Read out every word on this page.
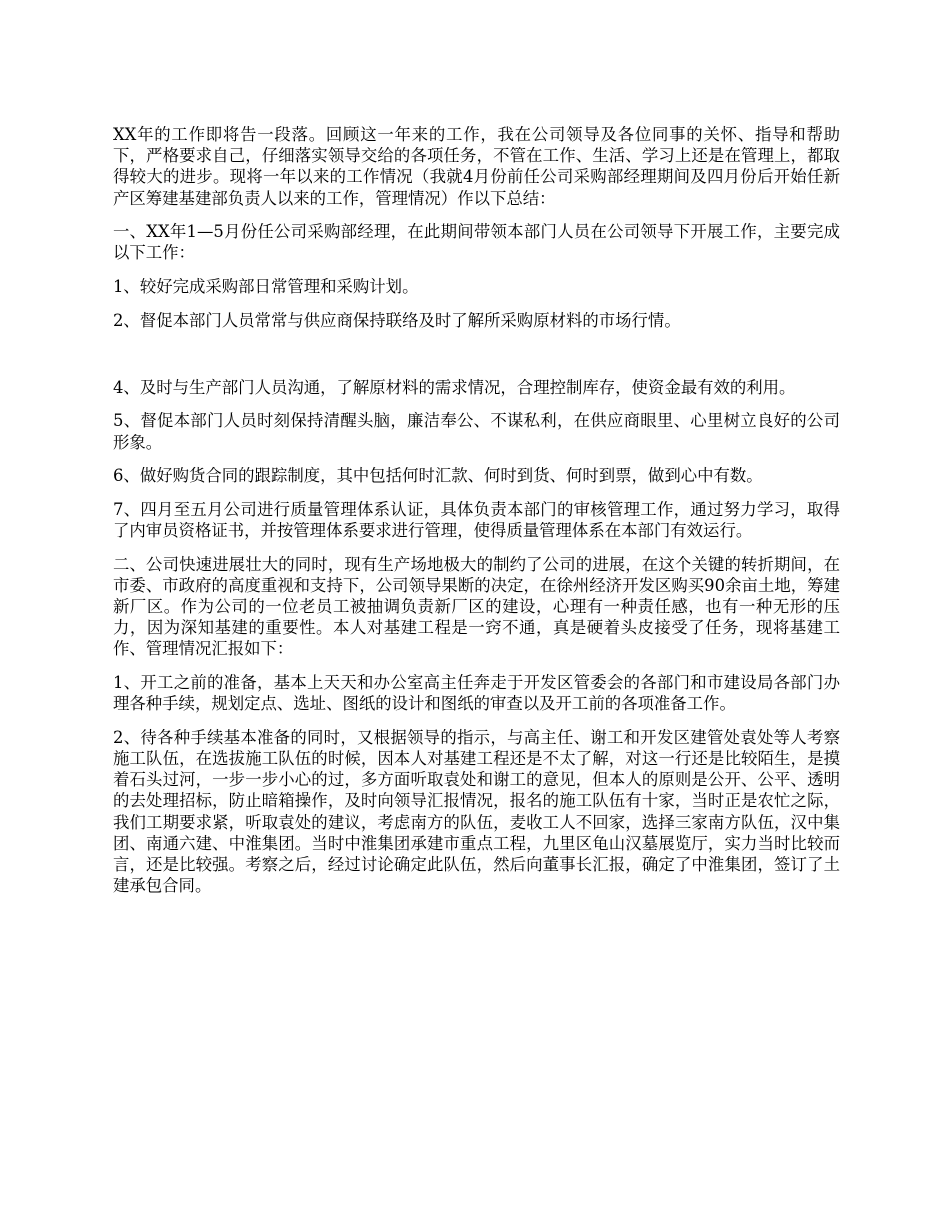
XX年的工作即将告一段落。回顾这一年来的工作，我在公司领导及各位同事的关怀、指导和帮助下，严格要求自己，仔细落实领导交给的各项任务，不管在工作、生活、学习上还是在管理上，都取得较大的进步。现将一年以来的工作情况（我就4月份前任公司采购部经理期间及四月份后开始任新产区筹建基建部负责人以来的工作，管理情况）作以下总结：

一、XX年1—5月份任公司采购部经理，在此期间带领本部门人员在公司领导下开展工作，主要完成以下工作：

1、较好完成采购部日常管理和采购计划。

2、督促本部门人员常常与供应商保持联络及时了解所采购原材料的市场行情。

4、及时与生产部门人员沟通，了解原材料的需求情况，合理控制库存，使资金最有效的利用。

5、督促本部门人员时刻保持清醒头脑，廉洁奉公、不谋私利，在供应商眼里、心里树立良好的公司形象。

6、做好购货合同的跟踪制度，其中包括何时汇款、何时到货、何时到票，做到心中有数。

7、四月至五月公司进行质量管理体系认证，具体负责本部门的审核管理工作，通过努力学习，取得了内审员资格证书，并按管理体系要求进行管理，使得质量管理体系在本部门有效运行。

二、公司快速进展壮大的同时，现有生产场地极大的制约了公司的进展，在这个关键的转折期间，在市委、市政府的高度重视和支持下，公司领导果断的决定，在徐州经济开发区购买90余亩土地，筹建新厂区。作为公司的一位老员工被抽调负责新厂区的建设，心理有一种责任感，也有一种无形的压力，因为深知基建的重要性。本人对基建工程是一窍不通，真是硬着头皮接受了任务，现将基建工作、管理情况汇报如下：

1、开工之前的准备，基本上天天和办公室高主任奔走于开发区管委会的各部门和市建设局各部门办理各种手续，规划定点、选址、图纸的设计和图纸的审查以及开工前的各项准备工作。

2、待各种手续基本准备的同时，又根据领导的指示，与高主任、谢工和开发区建管处袁处等人考察施工队伍，在选拔施工队伍的时候，因本人对基建工程还是不太了解，对这一行还是比较陌生，是摸着石头过河，一步一步小心的过，多方面听取袁处和谢工的意见，但本人的原则是公开、公平、透明的去处理招标，防止暗箱操作，及时向领导汇报情况，报名的施工队伍有十家，当时正是农忙之际，我们工期要求紧，听取袁处的建议，考虑南方的队伍，麦收工人不回家，选择三家南方队伍，汉中集团、南通六建、中淮集团。当时中淮集团承建市重点工程，九里区龟山汉墓展览厅，实力当时比较而言，还是比较强。考察之后，经过讨论确定此队伍，然后向董事长汇报，确定了中淮集团，签订了土建承包合同。
